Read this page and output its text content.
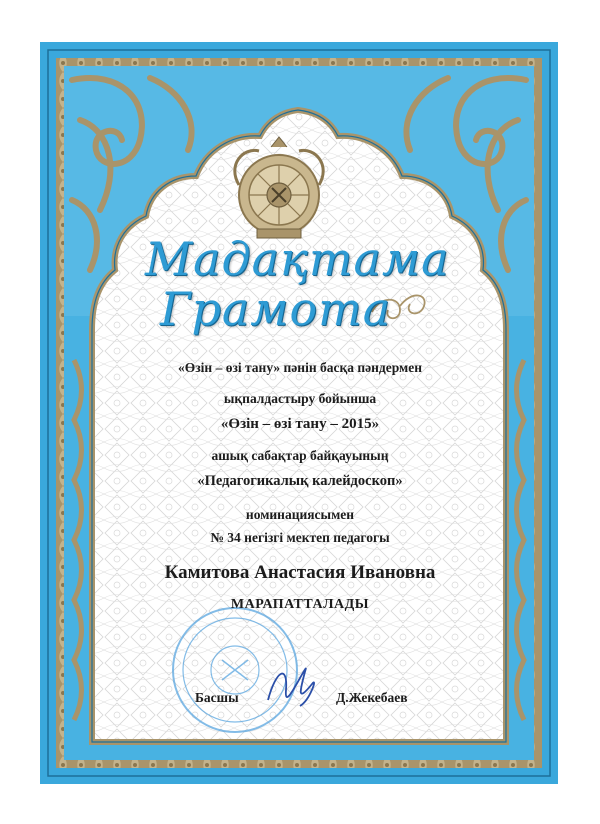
Мадақтама
Грамота
«Өзін – өзі тану» пәнін басқа пәндермен
ықпалдастыру бойынша
«Өзін – өзі тану – 2015»
ашық сабақтар байқауының
«Педагогикалық калейдоскоп»
номинациясымен
№ 34 негізгі мектеп педагогы
Камитова Анастасия Ивановна
МАРАПАТТАЛАДЫ
Басшы	Д.Жекебаев
